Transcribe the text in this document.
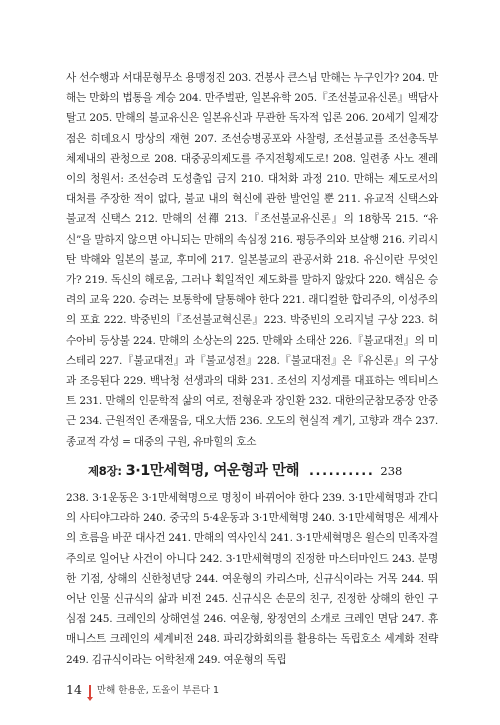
사 선수행과 서대문형무소 용맹정진 203. 건봉사 큰스님 만해는 누구인가? 204. 만해는 만화의 법통을 계승 204. 만주벌판, 일본유학 205.『조선불교유신론』백담사 탈고 205. 만해의 불교유신은 일본유신과 무관한 독자적 입론 206. 20세기 일제강점은 히데요시 망상의 재현 207. 조선승병공포와 사찰령, 조선불교를 조선총독부 체제내의 관청으로 208. 대중공의제도를 주지전횡제도로! 208. 일련종 사노 젠레이의 청원서: 조선승려 도성출입 금지 210. 대처화 과정 210. 만해는 제도로서의 대처를 주장한 적이 없다, 불교 내의 혁신에 관한 발언일 뿐 211. 유교적 신택스와 불교적 신택스 212. 만해의 선禪 213.『조선불교유신론』의 18항목 215. “유신”을 말하지 않으면 아니되는 만해의 속심정 216. 평등주의와 보살행 216. 키리시탄 박해와 일본의 불교, 후미에 217. 일본불교의 관공서화 218. 유신이란 무엇인가? 219. 독신의 해로움, 그러나 획일적인 제도화를 말하지 않았다 220. 핵심은 승려의 교육 220. 승려는 보통학에 달통해야 한다 221. 래디컬한 합리주의, 이성주의의 포효 222. 박중빈의『조선불교혁신론』223. 박중빈의 오리지널 구상 223. 허수아비 등상불 224. 만해의 소상논의 225. 만해와 소태산 226.『불교대전』의 미스테리 227.『불교대전』과『불교성전』228.『불교대전』은『유신론』의 구상과 조응된다 229. 백낙청 선생과의 대화 231. 조선의 지성계를 대표하는 엑티비스트 231. 만해의 인문학적 삶의 여로, 전형운과 장인환 232. 대한의군참모중장 안중근 234. 근원적인 존재물음, 대오大悟 236. 오도의 현실적 계기, 고향과 객수 237. 종교적 각성 = 대중의 구원, 유마힐의 호소

제8장: 3·1만세혁명, 여운형과 만해 .......... 238

238. 3·1운동은 3·1만세혁명으로 명칭이 바뀌어야 한다 239. 3·1만세혁명과 간디의 사티야그라하 240. 중국의 5·4운동과 3·1만세혁명 240. 3·1만세혁명은 세계사의 흐름을 바꾼 대사건 241. 만해의 역사인식 241. 3·1만세혁명은 윌슨의 민족자결주의로 일어난 사건이 아니다 242. 3·1만세혁명의 진정한 마스터마인드 243. 분명한 기점, 상해의 신한청년당 244. 여운형의 카리스마, 신규식이라는 거목 244. 뛰어난 인물 신규식의 삶과 비전 245. 신규식은 손문의 친구, 진정한 상해의 한인 구심점 245. 크레인의 상해연설 246. 여운형, 왕정연의 소개로 크레인 면담 247. 휴매니스트 크레인의 세계비전 248. 파리강화회의를 활용하는 독립호소 세계화 전략 249. 김규식이라는 어학천재 249. 여운형의 독립

14 만해 한용운, 도올이 부른다 1
